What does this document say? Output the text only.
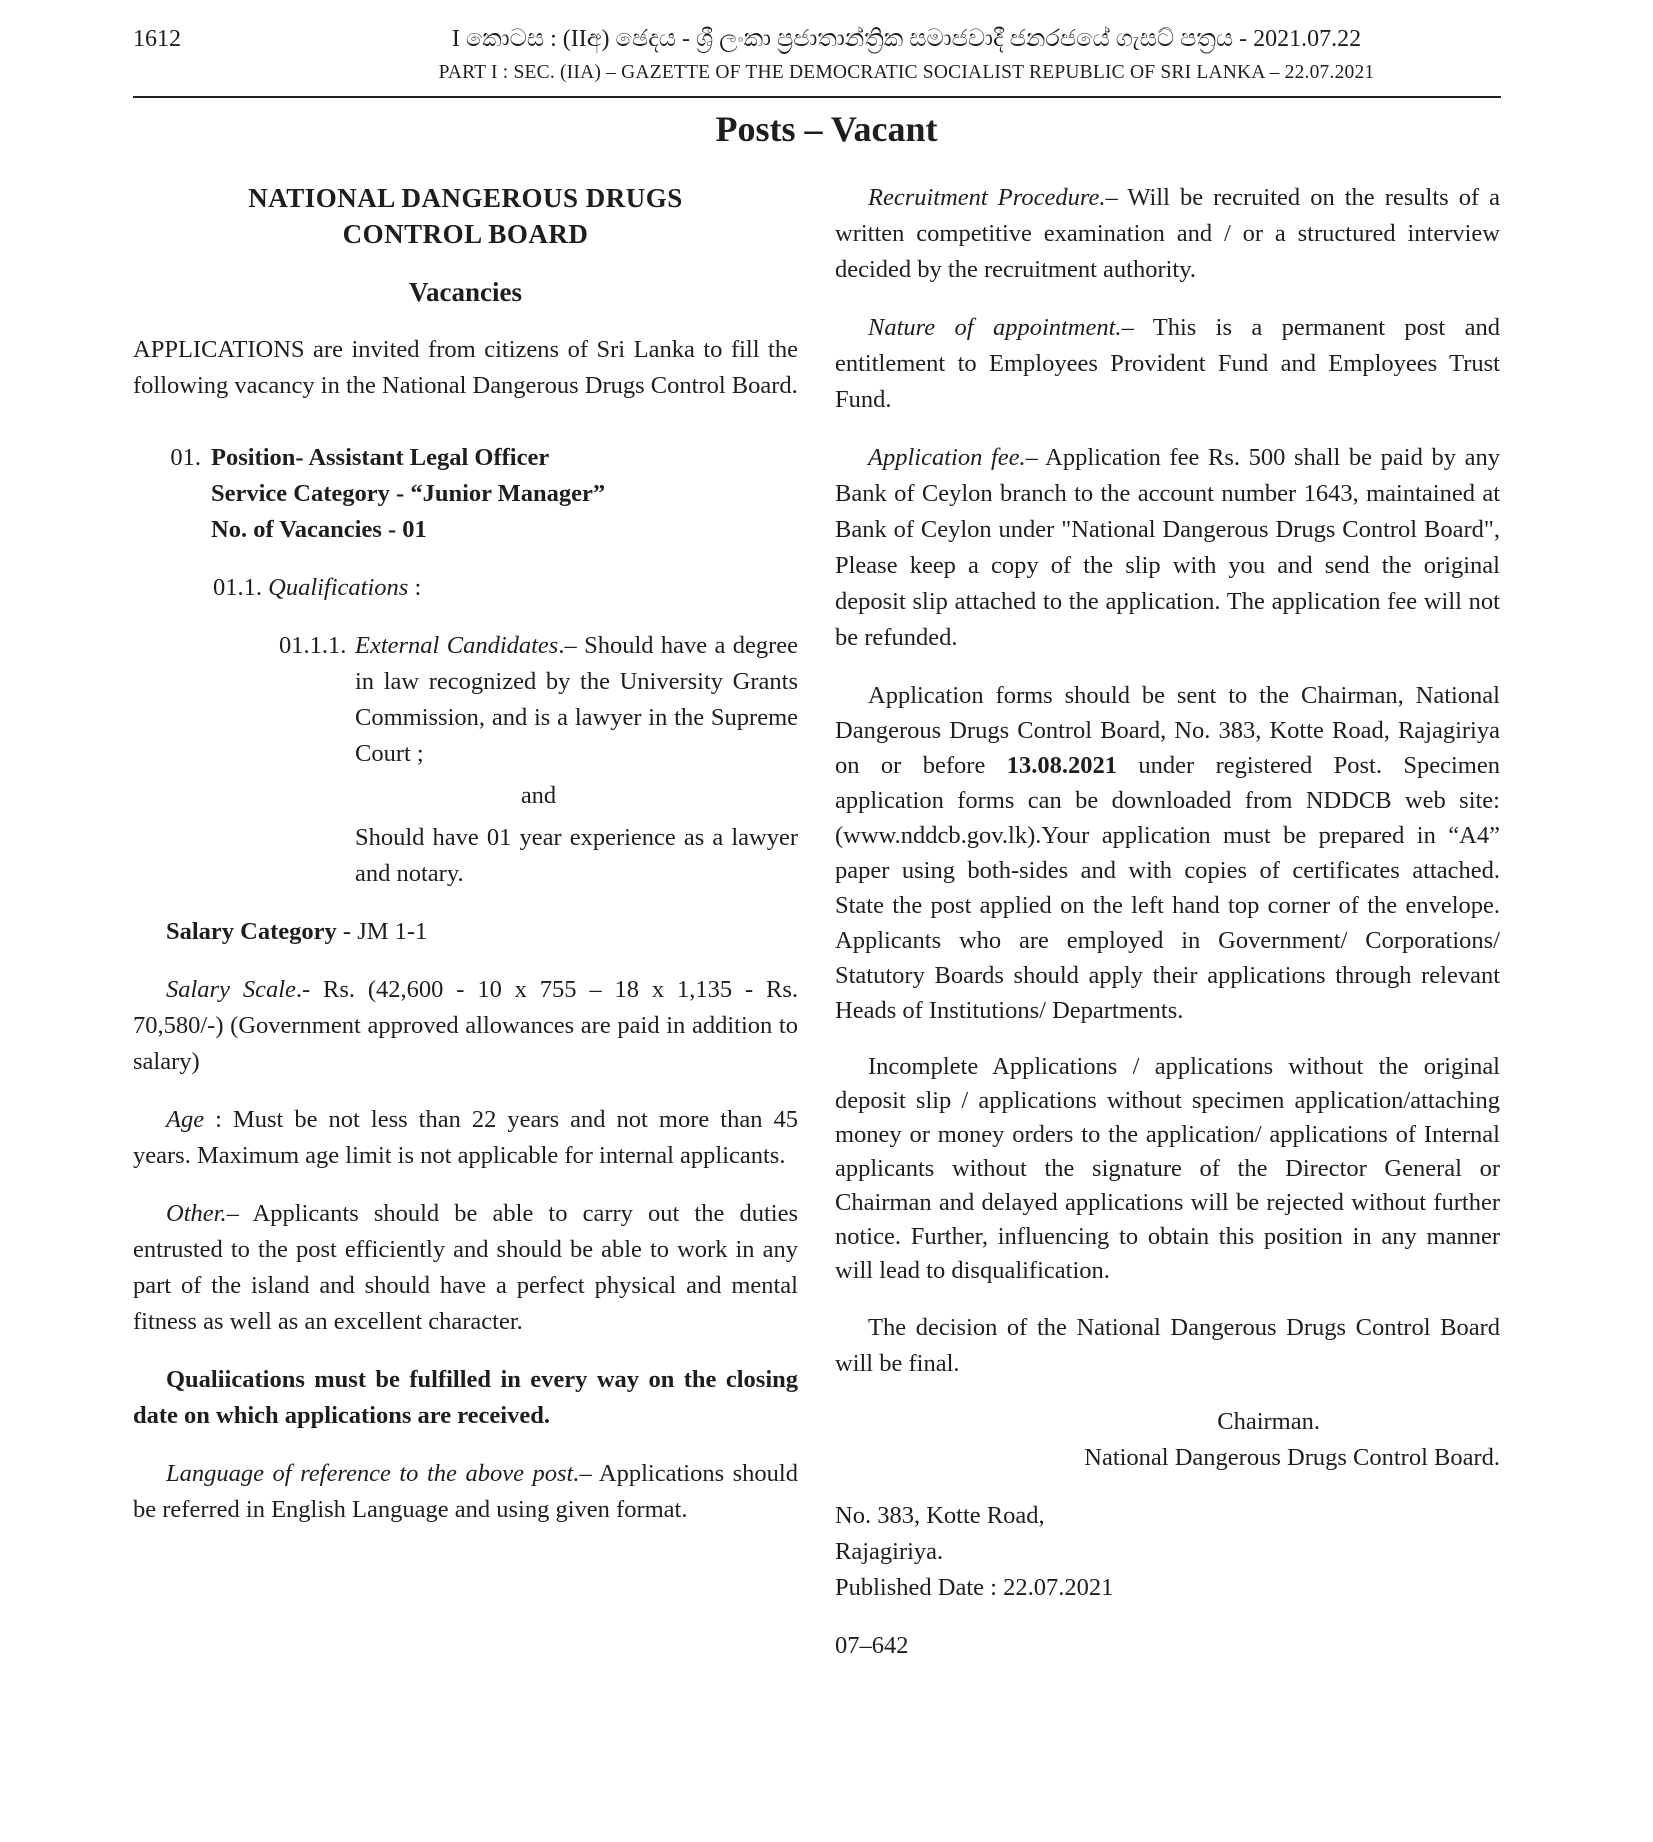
1612	I කොටස : (IIඅ) ඡෙදය - ශ්‍රී ලංකා ප්‍රජාතාන්ත්‍රික සමාජවාදී ජනරජයේ ගැසට් පත්‍රය - 2021.07.22
PART I : SEC. (IIA) – GAZETTE OF THE DEMOCRATIC SOCIALIST REPUBLIC OF SRI LANKA – 22.07.2021
Posts – Vacant

NATIONAL DANGEROUS DRUGS

CONTROL BOARD

Vacancies

APPLICATIONS are invited from citizens of Sri Lanka to fill the following vacancy in the National Dangerous Drugs Control Board.

01. Position- Assistant Legal Officer

Service Category - “Junior Manager”

No. of Vacancies - 01

01.1. Qualifications :

01.1.1. External Candidates.– Should have a degree in law recognized by the University Grants Commission, and is a lawyer in the Supreme Court ;

and

Should have 01 year experience as a lawyer and notary.

Salary Category - JM 1-1

Salary Scale.- Rs. (42,600 - 10 x 755 – 18 x 1,135 - Rs. 70,580/-) (Government approved allowances are paid in addition to salary)

Age : Must be not less than 22 years and not more than 45 years. Maximum age limit is not applicable for internal applicants.

Other.– Applicants should be able to carry out the duties entrusted to the post efficiently and should be able to work in any part of the island and should have a perfect physical and mental fitness as well as an excellent character.

Qualiications must be fulfilled in every way on the closing date on which applications are received.

Language of reference to the above post.– Applications should be referred in English Language and using given format.

Recruitment Procedure.– Will be recruited on the results of a written competitive examination and / or a structured interview decided by the recruitment authority.

Nature of appointment.– This is a permanent post and entitlement to Employees Provident Fund and Employees Trust Fund.

Application fee.– Application fee Rs. 500 shall be paid by any Bank of Ceylon branch to the account number 1643, maintained at Bank of Ceylon under "National Dangerous Drugs Control Board", Please keep a copy of the slip with you and send the original deposit slip attached to the application. The application fee will not be refunded.

Application forms should be sent to the Chairman, National Dangerous Drugs Control Board, No. 383, Kotte Road, Rajagiriya on or before 13.08.2021 under registered Post. Specimen application forms can be downloaded from NDDCB web site: (www.nddcb.gov.lk).Your application must be prepared in “A4” paper using both-sides and with copies of certificates attached. State the post applied on the left hand top corner of the envelope. Applicants who are employed in Government/ Corporations/ Statutory Boards should apply their applications through relevant Heads of Institutions/ Departments.

Incomplete Applications / applications without the original deposit slip / applications without specimen application/attaching money or money orders to the application/ applications of Internal applicants without the signature of the Director General or Chairman and delayed applications will be rejected without further notice. Further, influencing to obtain this position in any manner will lead to disqualification.

The decision of the National Dangerous Drugs Control Board will be final.

Chairman.

National Dangerous Drugs Control Board.

No. 383, Kotte Road,

Rajagiriya.

Published Date : 22.07.2021

07–642
